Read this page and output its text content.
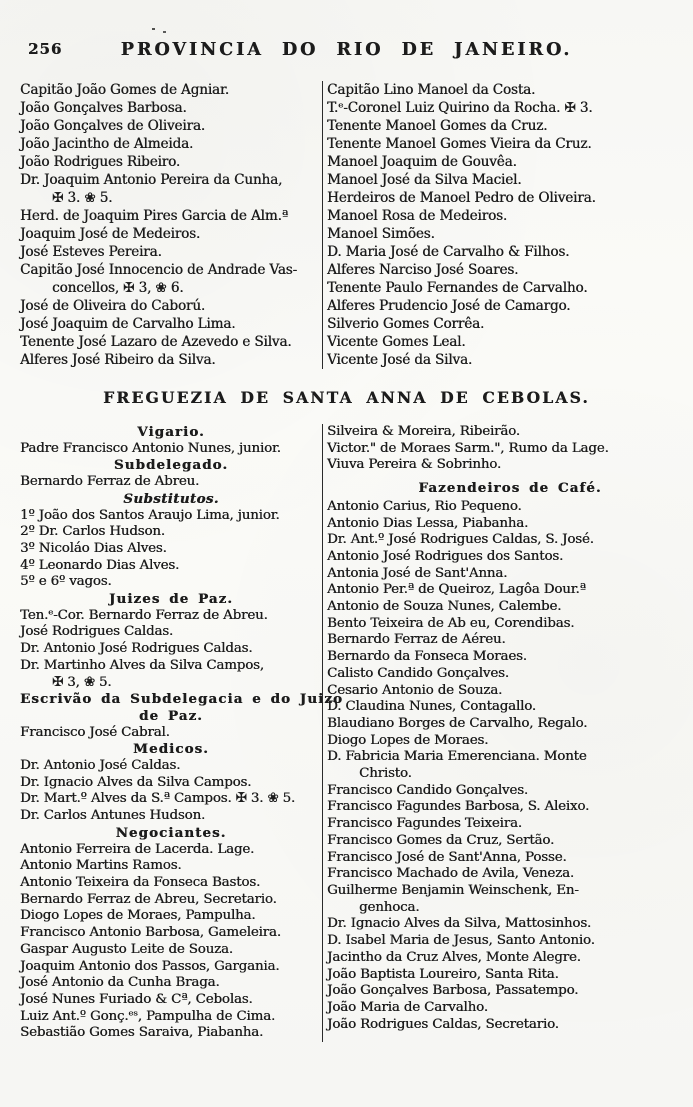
256	PROVINCIA DO RIO DE JANEIRO.
Capitão João Gomes de Agniar.
João Gonçalves Barbosa.
João Gonçalves de Oliveira.
João Jacintho de Almeida.
João Rodrigues Ribeiro.
Dr. Joaquim Antonio Pereira da Cunha,
✠ 3. ❀ 5.
Herd. de Joaquim Pires Garcia de Alm.ª
Joaquim José de Medeiros.
José Esteves Pereira.
Capitão José Innocencio de Andrade Vas-
concellos, ✠ 3, ❀ 6.
José de Oliveira do Caború.
José Joaquim de Carvalho Lima.
Tenente José Lazaro de Azevedo e Silva.
Alferes José Ribeiro da Silva.
Capitão Lino Manoel da Costa.
T.ᵉ-Coronel Luiz Quirino da Rocha. ✠ 3.
Tenente Manoel Gomes da Cruz.
Tenente Manoel Gomes Vieira da Cruz.
Manoel Joaquim de Gouvêa.
Manoel José da Silva Maciel.
Herdeiros de Manoel Pedro de Oliveira.
Manoel Rosa de Medeiros.
Manoel Simões.
D. Maria José de Carvalho & Filhos.
Alferes Narciso José Soares.
Tenente Paulo Fernandes de Carvalho.
Alferes Prudencio José de Camargo.
Silverio Gomes Corrêa.
Vicente Gomes Leal.
Vicente José da Silva.
FREGUEZIA DE SANTA ANNA DE CEBOLAS.
Vigario.
Padre Francisco Antonio Nunes, junior.
Subdelegado.
Bernardo Ferraz de Abreu.
Substitutos.
1º João dos Santos Araujo Lima, junior.
2º Dr. Carlos Hudson.
3º Nicoláo Dias Alves.
4º Leonardo Dias Alves.
5º e 6º vagos.
Juizes de Paz.
Ten.ᵉ-Cor. Bernardo Ferraz de Abreu.
José Rodrigues Caldas.
Dr. Antonio José Rodrigues Caldas.
Dr. Martinho Alves da Silva Campos,
✠ 3, ❀ 5.
Escrivão da Subdelegacia e do Juizo
de Paz.
Francisco José Cabral.
Medicos.
Dr. Antonio José Caldas.
Dr. Ignacio Alves da Silva Campos.
Dr. Mart.º Alves da S.ª Campos. ✠ 3. ❀ 5.
Dr. Carlos Antunes Hudson.
Negociantes.
Antonio Ferreira de Lacerda. Lage.
Antonio Martins Ramos.
Antonio Teixeira da Fonseca Bastos.
Bernardo Ferraz de Abreu, Secretario.
Diogo Lopes de Moraes, Pampulha.
Francisco Antonio Barbosa, Gameleira.
Gaspar Augusto Leite de Souza.
Joaquim Antonio dos Passos, Gargania.
José Antonio da Cunha Braga.
José Nunes Furiado & Cª, Cebolas.
Luiz Ant.º Gonç.ᵉˢ, Pampulha de Cima.
Sebastião Gomes Saraiva, Piabanha.
Silveira & Moreira, Ribeirão.
Victor." de Moraes Sarm.", Rumo da Lage.
Viuva Pereira & Sobrinho.
Fazendeiros de Café.
Antonio Carius, Rio Pequeno.
Antonio Dias Lessa, Piabanha.
Dr. Ant.º José Rodrigues Caldas, S. José.
Antonio José Rodrigues dos Santos.
Antonia José de Sant'Anna.
Antonio Per.ª de Queiroz, Lagôa Dour.ª
Antonio de Souza Nunes, Calembe.
Bento Teixeira de Ab eu, Corendibas.
Bernardo Ferraz de Aéreu.
Bernardo da Fonseca Moraes.
Calisto Candido Gonçalves.
Cesario Antonio de Souza.
D. Claudina Nunes, Contagallo.
Blaudiano Borges de Carvalho, Regalo.
Diogo Lopes de Moraes.
D. Fabricia Maria Emerenciana. Monte
Christo.
Francisco Candido Gonçalves.
Francisco Fagundes Barbosa, S. Aleixo.
Francisco Fagundes Teixeira.
Francisco Gomes da Cruz, Sertão.
Francisco José de Sant'Anna, Posse.
Francisco Machado de Avila, Veneza.
Guilherme Benjamin Weinschenk, En-
genhoca.
Dr. Ignacio Alves da Silva, Mattosinhos.
D. Isabel Maria de Jesus, Santo Antonio.
Jacintho da Cruz Alves, Monte Alegre.
João Baptista Loureiro, Santa Rita.
João Gonçalves Barbosa, Passatempo.
João Maria de Carvalho.
João Rodrigues Caldas, Secretario.
